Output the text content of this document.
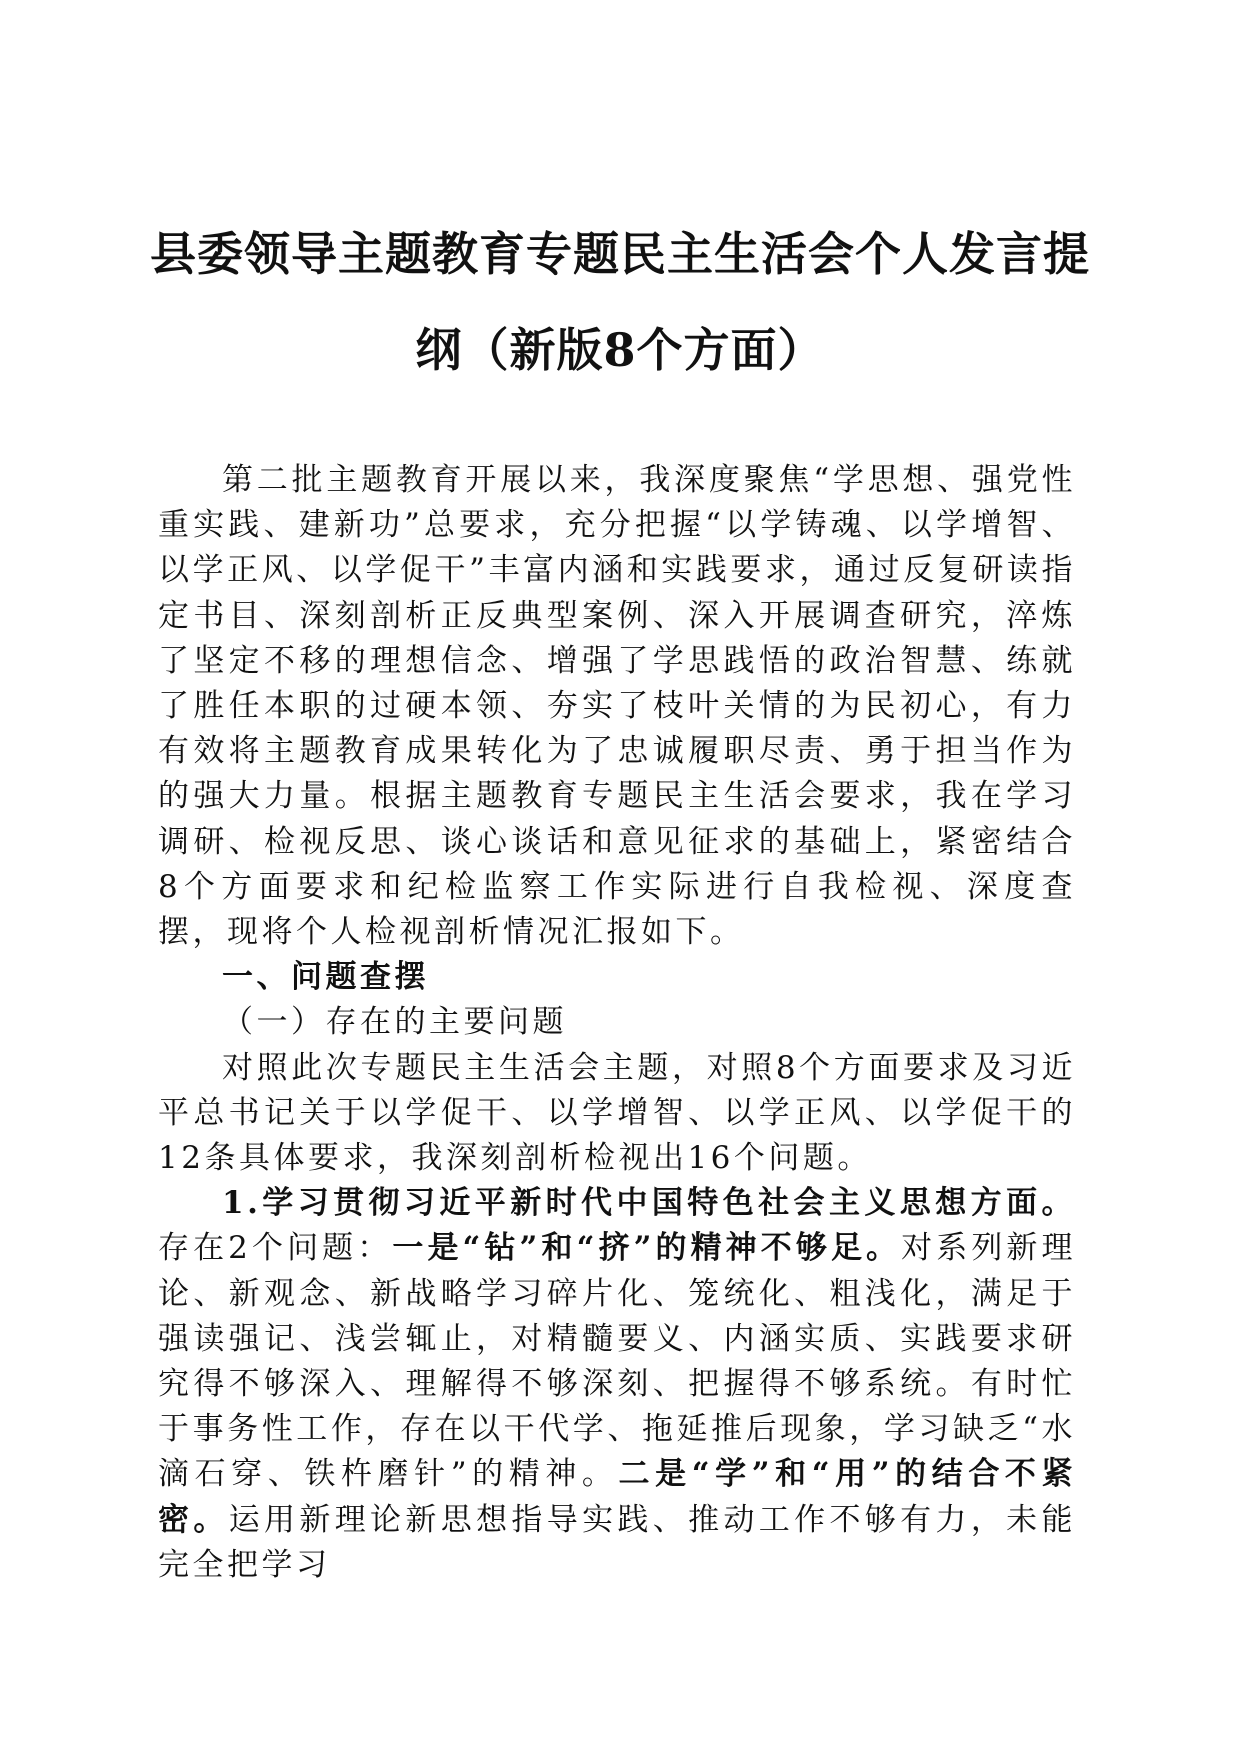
县委领导主题教育专题民主生活会个人发言提
纲（新版8个方面）

第二批主题教育开展以来，我深度聚焦“学思想、强党性重实践、建新功”总要求，充分把握“以学铸魂、以学增智、以学正风、以学促干”丰富内涵和实践要求，通过反复研读指定书目、深刻剖析正反典型案例、深入开展调查研究，淬炼了坚定不移的理想信念、增强了学思践悟的政治智慧、练就了胜任本职的过硬本领、夯实了枝叶关情的为民初心，有力有效将主题教育成果转化为了忠诚履职尽责、勇于担当作为的强大力量。根据主题教育专题民主生活会要求，我在学习调研、检视反思、谈心谈话和意见征求的基础上，紧密结合8个方面要求和纪检监察工作实际进行自我检视、深度查摆，现将个人检视剖析情况汇报如下。

一、问题查摆

（一）存在的主要问题

对照此次专题民主生活会主题，对照8个方面要求及习近平总书记关于以学促干、以学增智、以学正风、以学促干的12条具体要求，我深刻剖析检视出16个问题。

1.学习贯彻习近平新时代中国特色社会主义思想方面。存在2个问题：一是“钻”和“挤”的精神不够足。对系列新理论、新观念、新战略学习碎片化、笼统化、粗浅化，满足于强读强记、浅尝辄止，对精髓要义、内涵实质、实践要求研究得不够深入、理解得不够深刻、把握得不够系统。有时忙于事务性工作，存在以干代学、拖延推后现象，学习缺乏“水滴石穿、铁杵磨针”的精神。二是“学”和“用”的结合不紧密。运用新理论新思想指导实践、推动工作不够有力，未能完全把学习
